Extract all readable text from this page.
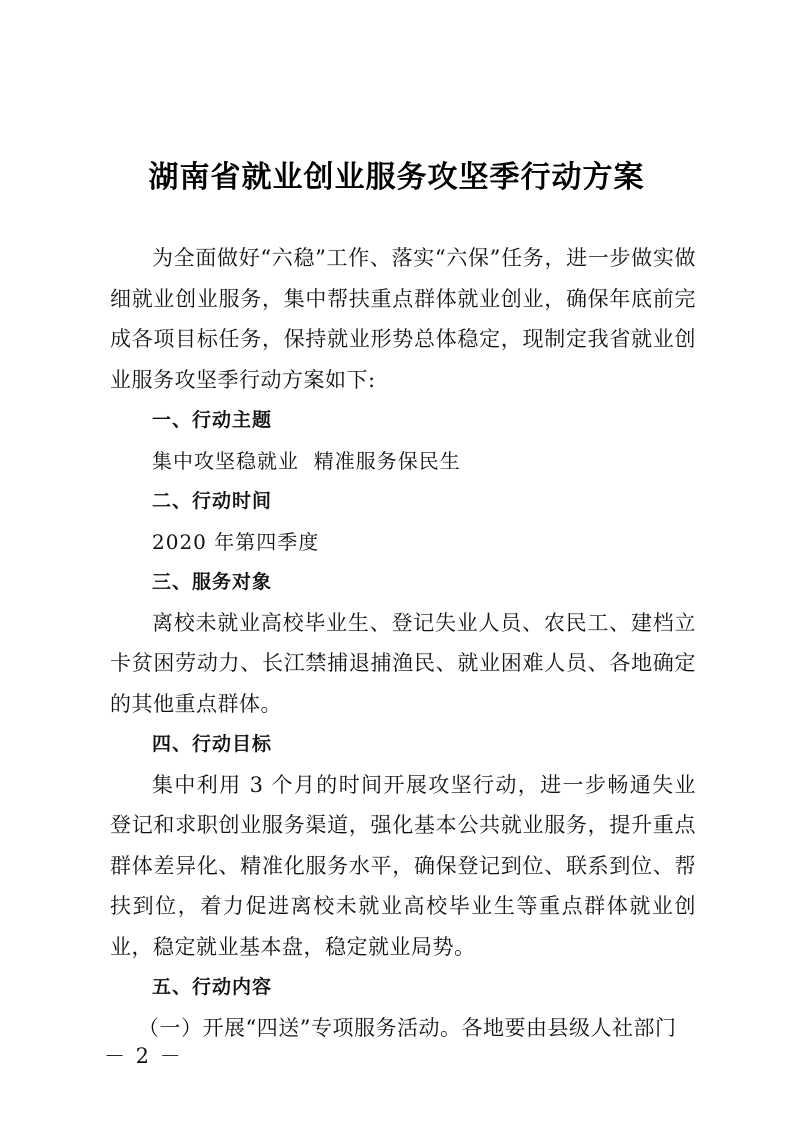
湖南省就业创业服务攻坚季行动方案

为全面做好“六稳”工作、落实“六保”任务，进一步做实做细就业创业服务，集中帮扶重点群体就业创业，确保年底前完成各项目标任务，保持就业形势总体稳定，现制定我省就业创业服务攻坚季行动方案如下:

一、行动主题

集中攻坚稳就业  精准服务保民生

二、行动时间

2020 年第四季度

三、服务对象

离校未就业高校毕业生、登记失业人员、农民工、建档立卡贫困劳动力、长江禁捕退捕渔民、就业困难人员、各地确定的其他重点群体。

四、行动目标

集中利用 3 个月的时间开展攻坚行动，进一步畅通失业登记和求职创业服务渠道，强化基本公共就业服务，提升重点群体差异化、精准化服务水平，确保登记到位、联系到位、帮扶到位，着力促进离校未就业高校毕业生等重点群体就业创业，稳定就业基本盘，稳定就业局势。

五、行动内容

（一）开展“四送”专项服务活动。各地要由县级人社部门

－ 2 －
